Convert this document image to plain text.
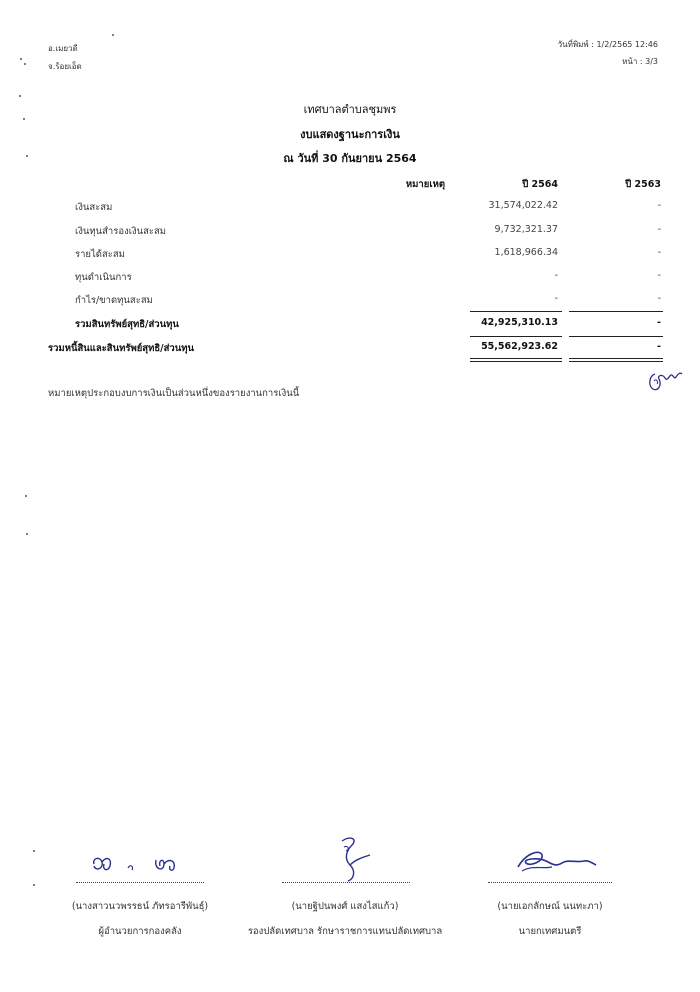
อ.เมยวดี
จ.ร้อยเอ็ด
วันที่พิมพ์ : 1/2/2565 12:46
หน้า : 3/3
เทศบาลตำบลชุมพร
งบแสดงฐานะการเงิน
ณ วันที่ 30 กันยายน 2564
หมายเหตุ	ปี 2564	ปี 2563
เงินสะสม	31,574,022.42	-
เงินทุนสำรองเงินสะสม	9,732,321.37	-
รายได้สะสม	1,618,966.34	-
ทุนดำเนินการ	-	-
กำไร/ขาดทุนสะสม	-	-
รวมสินทรัพย์สุทธิ/ส่วนทุน	42,925,310.13	-
รวมหนี้สินและสินทรัพย์สุทธิ/ส่วนทุน	55,562,923.62	-
หมายเหตุประกอบงบการเงินเป็นส่วนหนึ่งของรายงานการเงินนี้
(นางสาวนวพรรธน์ ภัทรอารีพันธุ์)
ผู้อำนวยการกองคลัง
(นายฐิปนพงศ์ แสงไสแก้ว)
รองปลัดเทศบาล รักษาราชการแทนปลัดเทศบาล
(นายเอกลักษณ์ นนทะภา)
นายกเทศมนตรี
